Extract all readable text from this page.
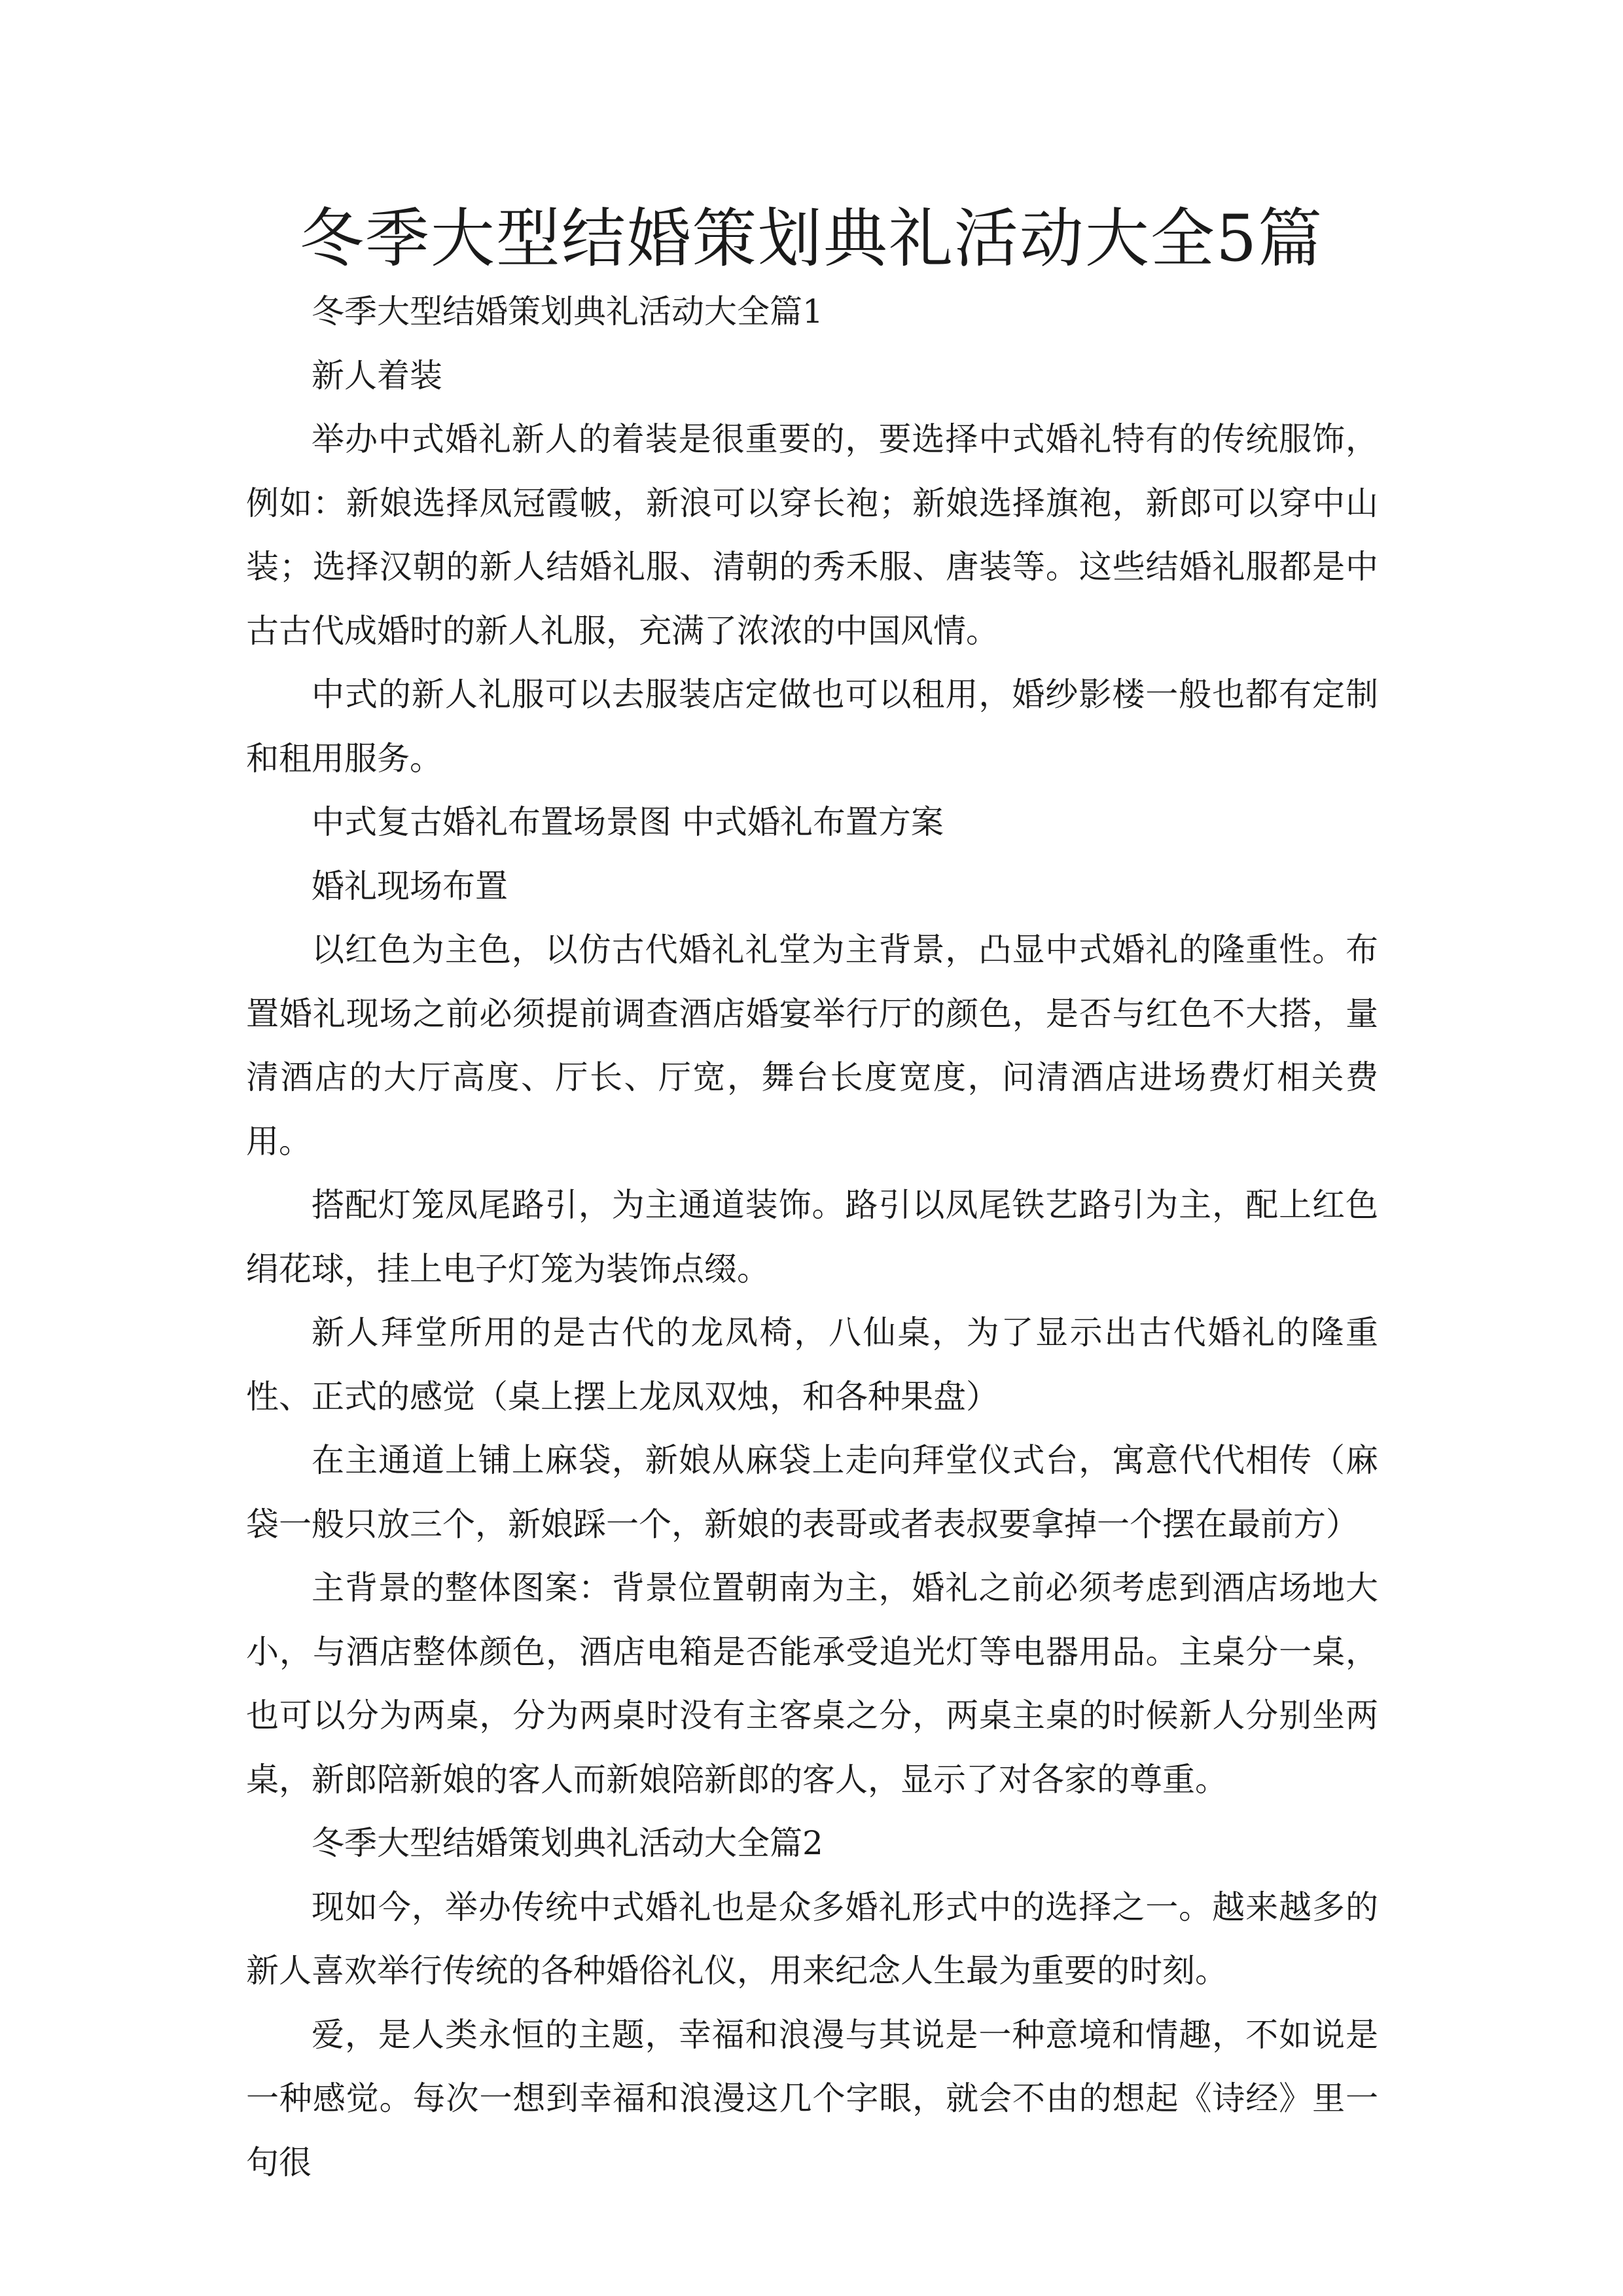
冬季大型结婚策划典礼活动大全5篇

冬季大型结婚策划典礼活动大全篇1

新人着装

举办中式婚礼新人的着装是很重要的，要选择中式婚礼特有的传统服饰，例如：新娘选择凤冠霞帔，新浪可以穿长袍；新娘选择旗袍，新郎可以穿中山装；选择汉朝的新人结婚礼服、清朝的秀禾服、唐装等。这些结婚礼服都是中古古代成婚时的新人礼服，充满了浓浓的中国风情。

中式的新人礼服可以去服装店定做也可以租用，婚纱影楼一般也都有定制和租用服务。

中式复古婚礼布置场景图 中式婚礼布置方案

婚礼现场布置

以红色为主色，以仿古代婚礼礼堂为主背景，凸显中式婚礼的隆重性。布置婚礼现场之前必须提前调查酒店婚宴举行厅的颜色，是否与红色不大搭，量清酒店的大厅高度、厅长、厅宽，舞台长度宽度，问清酒店进场费灯相关费用。

搭配灯笼凤尾路引，为主通道装饰。路引以凤尾铁艺路引为主，配上红色绢花球，挂上电子灯笼为装饰点缀。

新人拜堂所用的是古代的龙凤椅，八仙桌，为了显示出古代婚礼的隆重性、正式的感觉（桌上摆上龙凤双烛，和各种果盘）

在主通道上铺上麻袋，新娘从麻袋上走向拜堂仪式台，寓意代代相传（麻袋一般只放三个，新娘踩一个，新娘的表哥或者表叔要拿掉一个摆在最前方）

主背景的整体图案：背景位置朝南为主，婚礼之前必须考虑到酒店场地大小，与酒店整体颜色，酒店电箱是否能承受追光灯等电器用品。主桌分一桌，也可以分为两桌，分为两桌时没有主客桌之分，两桌主桌的时候新人分别坐两桌，新郎陪新娘的客人而新娘陪新郎的客人，显示了对各家的尊重。

冬季大型结婚策划典礼活动大全篇2

现如今，举办传统中式婚礼也是众多婚礼形式中的选择之一。越来越多的新人喜欢举行传统的各种婚俗礼仪，用来纪念人生最为重要的时刻。

爱，是人类永恒的主题，幸福和浪漫与其说是一种意境和情趣，不如说是一种感觉。每次一想到幸福和浪漫这几个字眼，就会不由的想起《诗经》里一句很
